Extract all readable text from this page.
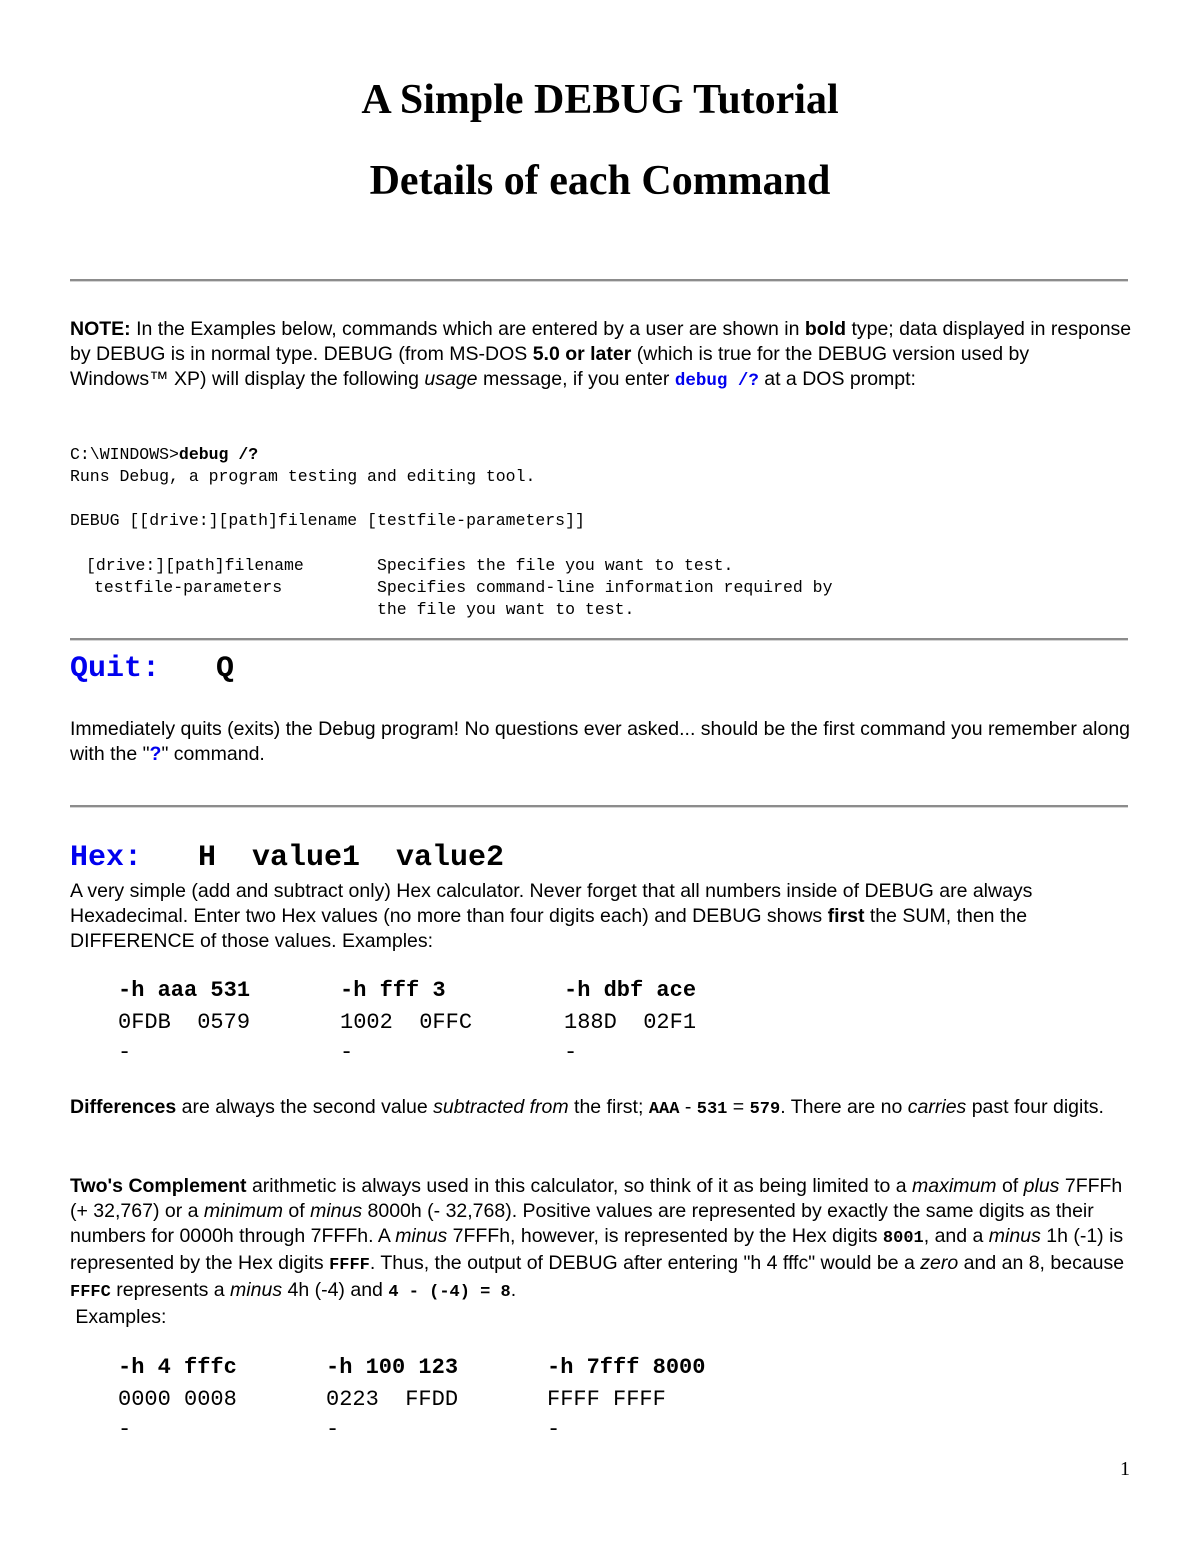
A Simple DEBUG Tutorial
Details of each Command
NOTE: In the Examples below, commands which are entered by a user are shown in bold type; data displayed in response by DEBUG is in normal type. DEBUG (from MS-DOS 5.0 or later (which is true for the DEBUG version used by Windows™ XP) will display the following usage message, if you enter debug /? at a DOS prompt:
C:\WINDOWS>debug /?
Runs Debug, a program testing and editing tool.
DEBUG [[drive:][path]filename [testfile-parameters]]
[drive:][path]filename	Specifies the file you want to test.
testfile-parameters	Specifies command-line information required by
the file you want to test.
Quit: Q
Immediately quits (exits) the Debug program! No questions ever asked... should be the first command you remember along with the "?" command.
Hex: H  value1  value2
A very simple (add and subtract only) Hex calculator. Never forget that all numbers inside of DEBUG are always Hexadecimal. Enter two Hex values (no more than four digits each) and DEBUG shows first the SUM, then the DIFFERENCE of those values. Examples:
-h aaa 531
0FDB  0579
-
-h fff 3
1002  0FFC
-
-h dbf ace
188D  02F1
-
Differences are always the second value subtracted from the first; AAA - 531 = 579. There are no carries past four digits.
Two's Complement arithmetic is always used in this calculator, so think of it as being limited to a maximum of plus 7FFFh (+ 32,767) or a minimum of minus 8000h (- 32,768). Positive values are represented by exactly the same digits as their numbers for 0000h through 7FFFh. A minus 7FFFh, however, is represented by the Hex digits 8001, and a minus 1h (-1) is represented by the Hex digits FFFF. Thus, the output of DEBUG after entering "h 4 fffc" would be a zero and an 8, because FFFC represents a minus 4h (-4) and 4 - (-4) = 8.
Examples:
-h 4 fffc
0000 0008
-
-h 100 123
0223  FFDD
-
-h 7fff 8000
FFFF FFFF
-
1
